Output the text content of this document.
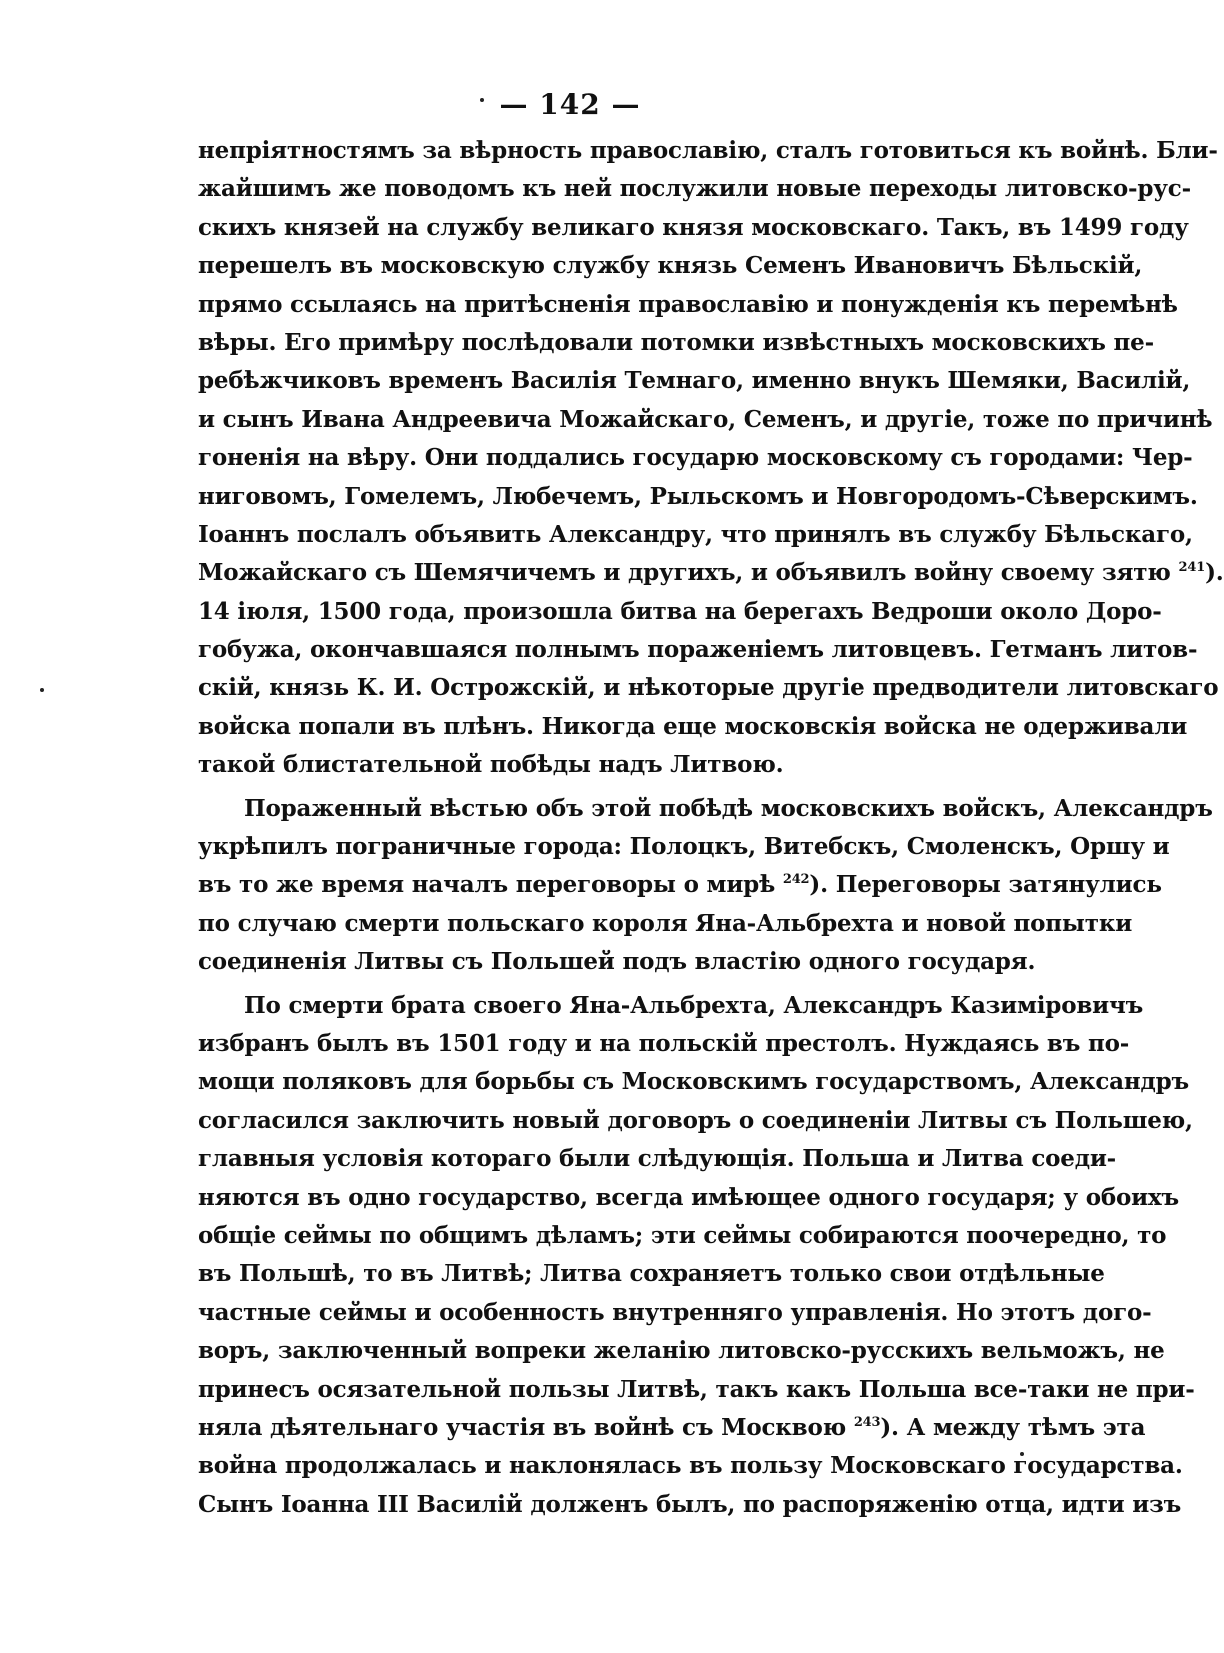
— 142 —
непріятностямъ за вѣрность православію, сталъ готовиться къ войнѣ. Бли-
жайшимъ же поводомъ къ ней послужили новые переходы литовско-рус-
скихъ князей на службу великаго князя московскаго. Такъ, въ 1499 году
перешелъ въ московскую службу князь Семенъ Ивановичъ Бѣльскій,
прямо ссылаясь на притѣсненія православію и понужденія къ перемѣнѣ
вѣры. Его примѣру послѣдовали потомки извѣстныхъ московскихъ пе-
ребѣжчиковъ временъ Василія Темнаго, именно внукъ Шемяки, Василій,
и сынъ Ивана Андреевича Можайскаго, Семенъ, и другіе, тоже по причинѣ
гоненія на вѣру. Они поддались государю московскому съ городами: Чер-
ниговомъ, Гомелемъ, Любечемъ, Рыльскомъ и Новгородомъ-Сѣверскимъ.
Іоаннъ послалъ объявить Александру, что принялъ въ службу Бѣльскаго,
Можайскаго съ Шемячичемъ и другихъ, и объявилъ войну своему зятю $^{241}$).
14 іюля, 1500 года, произошла битва на берегахъ Ведроши около Доро-
гобужа, окончавшаяся полнымъ пораженіемъ литовцевъ. Гетманъ литов-
скій, князь К. И. Острожскій, и нѣкоторые другіе предводители литовскаго
войска попали въ плѣнъ. Никогда еще московскія войска не одерживали
такой блистательной побѣды надъ Литвою.
Пораженный вѣстью объ этой побѣдѣ московскихъ войскъ, Александръ
укрѣпилъ пограничные города: Полоцкъ, Витебскъ, Смоленскъ, Оршу и
въ то же время началъ переговоры о мирѣ $^{242}$). Переговоры затянулись
по случаю смерти польскаго короля Яна-Альбрехта и новой попытки
соединенія Литвы съ Польшей подъ властію одного государя.
По смерти брата своего Яна-Альбрехта, Александръ Казиміровичъ
избранъ былъ въ 1501 году и на польскій престолъ. Нуждаясь въ по-
мощи поляковъ для борьбы съ Московскимъ государствомъ, Александръ
согласился заключить новый договоръ о соединеніи Литвы съ Польшею,
главныя условія котораго были слѣдующія. Польша и Литва соеди-
няются въ одно государство, всегда имѣющее одного государя; у обоихъ
общіе сеймы по общимъ дѣламъ; эти сеймы собираются поочередно, то
въ Польшѣ, то въ Литвѣ; Литва сохраняетъ только свои отдѣльные
частные сеймы и особенность внутренняго управленія. Но этотъ дого-
воръ, заключенный вопреки желанію литовско-русскихъ вельможъ, не
принесъ осязательной пользы Литвѣ, такъ какъ Польша все-таки не при-
няла дѣятельнаго участія въ войнѣ съ Москвою $^{243}$). А между тѣмъ эта
война продолжалась и наклонялась въ пользу Московскаго государства.
Сынъ Іоанна III Василій долженъ былъ, по распоряженію отца, идти изъ
